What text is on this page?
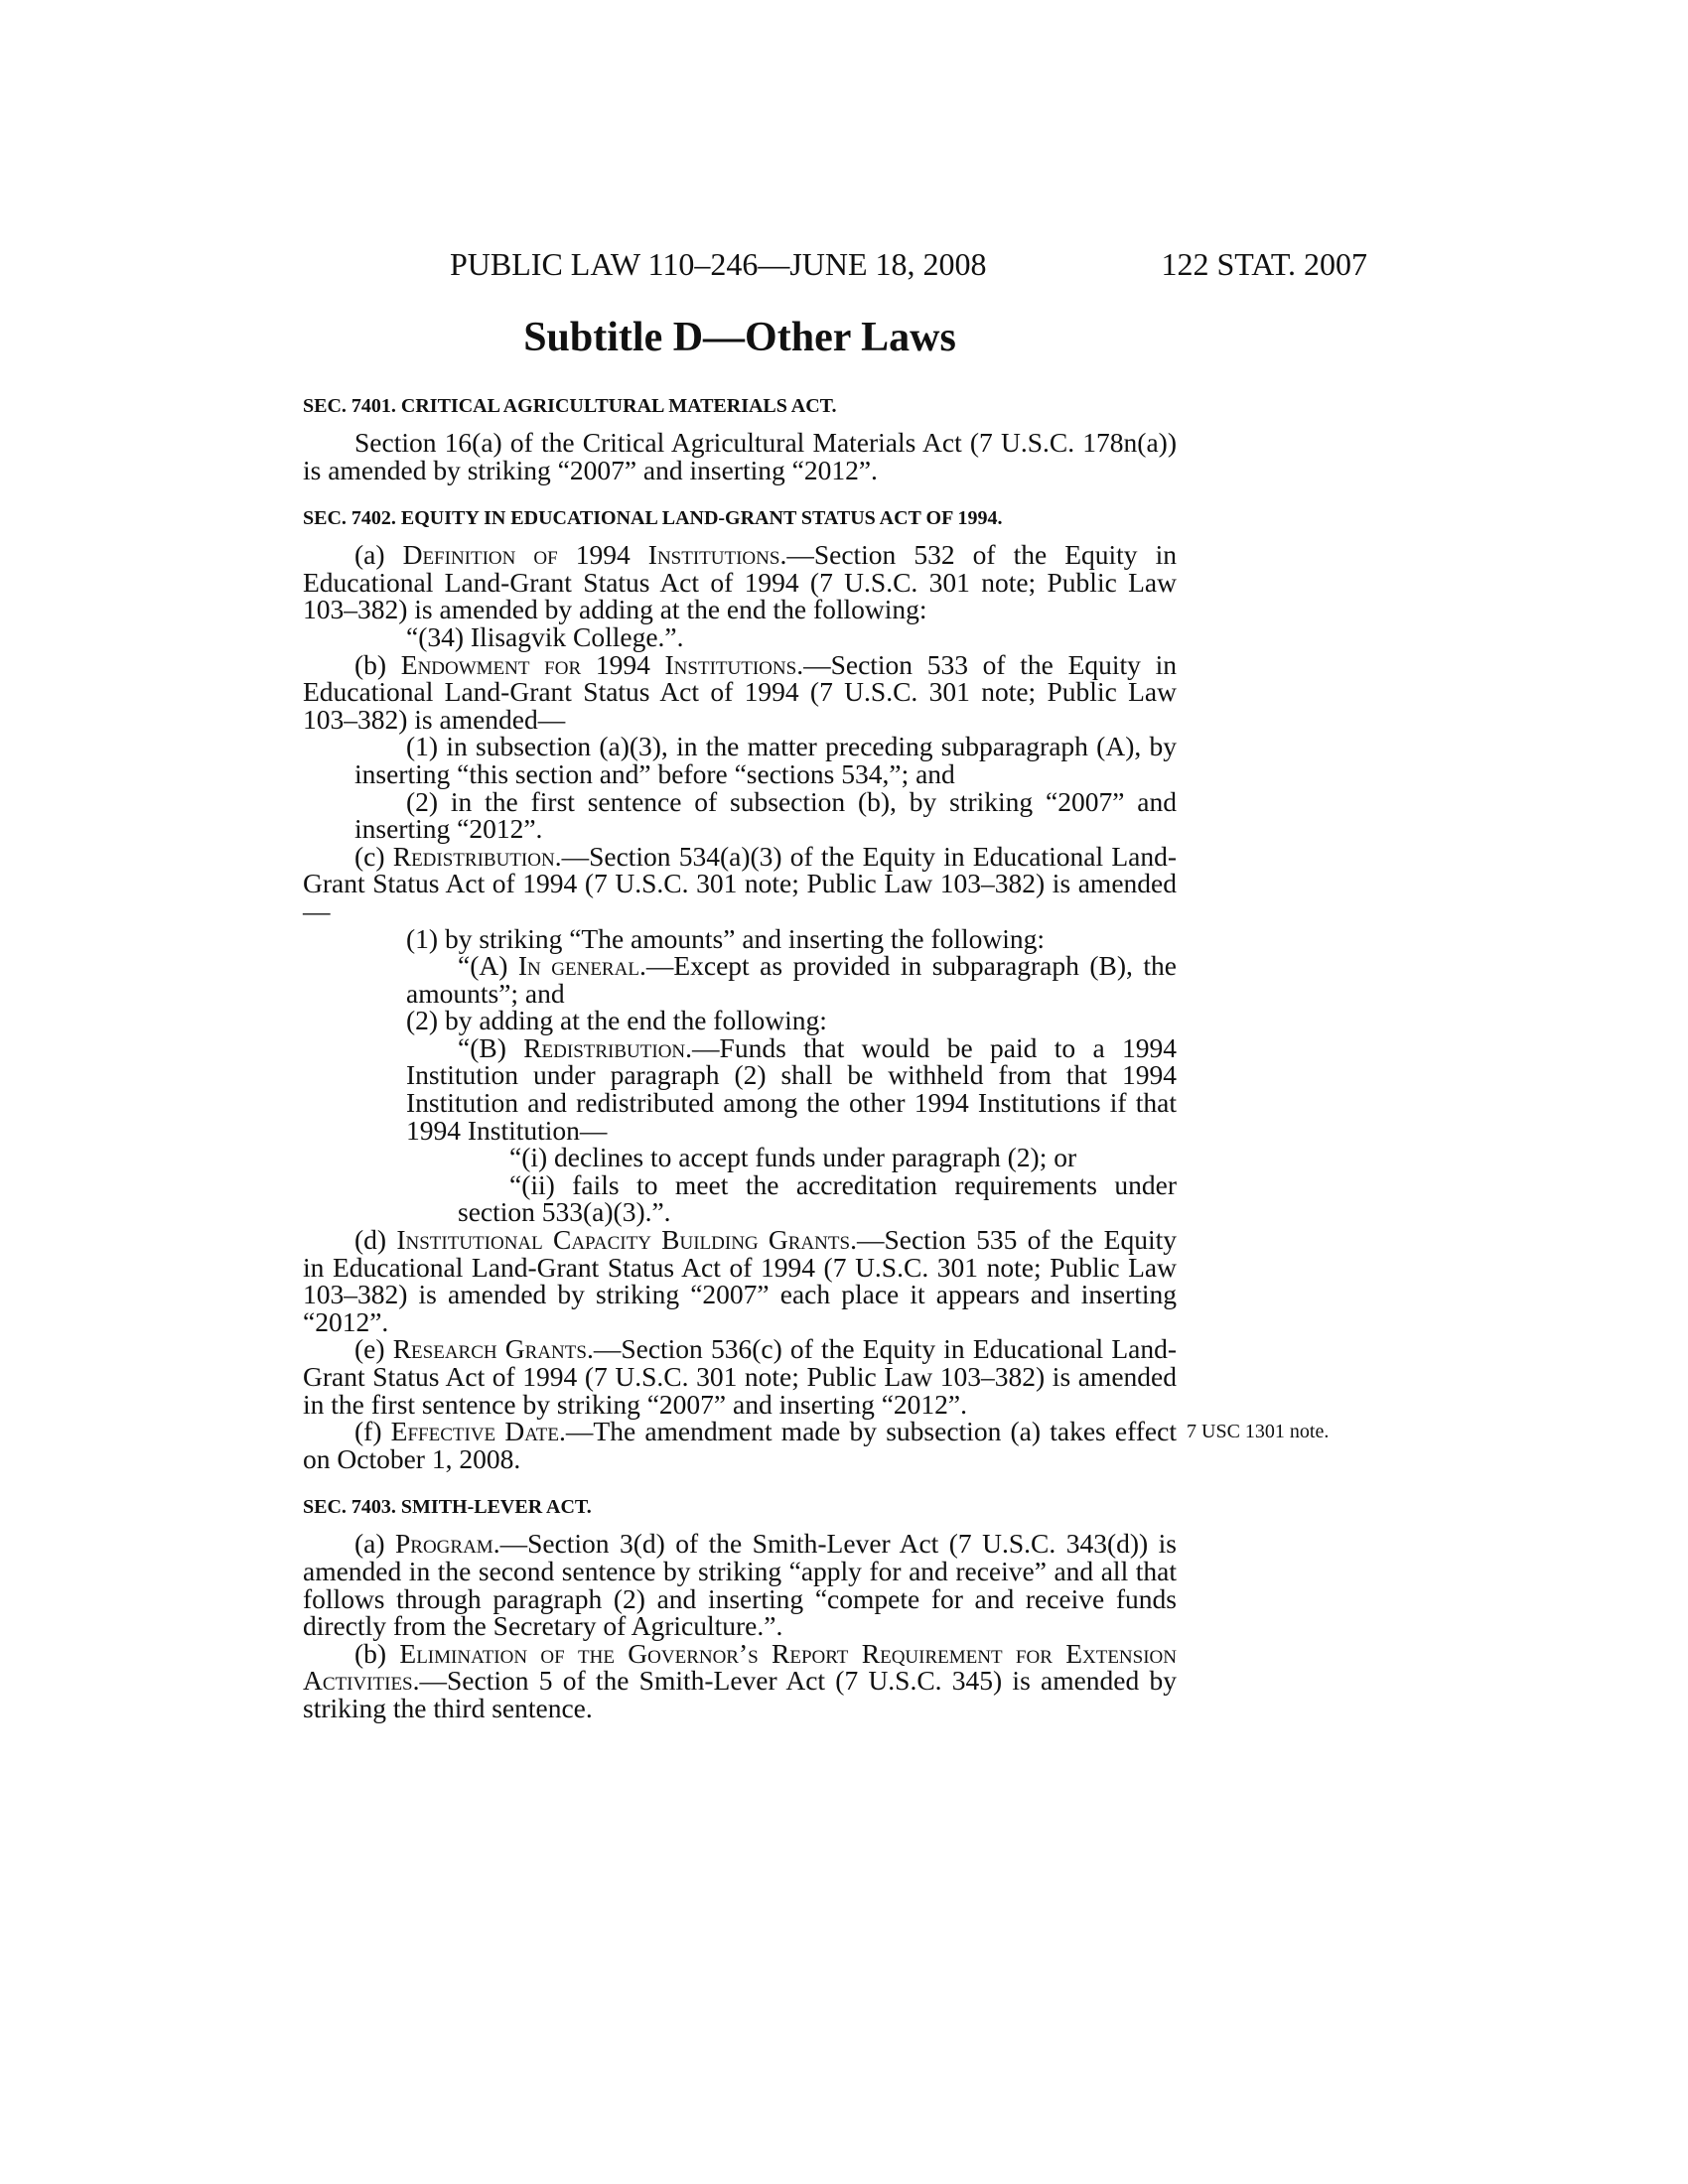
PUBLIC LAW 110–246—JUNE 18, 2008	122 STAT. 2007
Subtitle D—Other Laws
SEC. 7401. CRITICAL AGRICULTURAL MATERIALS ACT.

Section 16(a) of the Critical Agricultural Materials Act (7 U.S.C. 178n(a)) is amended by striking “2007” and inserting “2012”.

SEC. 7402. EQUITY IN EDUCATIONAL LAND-GRANT STATUS ACT OF 1994.

(a) Definition of 1994 Institutions.—Section 532 of the Equity in Educational Land-Grant Status Act of 1994 (7 U.S.C. 301 note; Public Law 103–382) is amended by adding at the end the following:

“(34) Ilisagvik College.”.

(b) Endowment for 1994 Institutions.—Section 533 of the Equity in Educational Land-Grant Status Act of 1994 (7 U.S.C. 301 note; Public Law 103–382) is amended—

(1) in subsection (a)(3), in the matter preceding subparagraph (A), by inserting “this section and” before “sections 534,”; and

(2) in the first sentence of subsection (b), by striking “2007” and inserting “2012”.

(c) Redistribution.—Section 534(a)(3) of the Equity in Educational Land-Grant Status Act of 1994 (7 U.S.C. 301 note; Public Law 103–382) is amended—

(1) by striking “The amounts” and inserting the following:

“(A) In general.—Except as provided in subparagraph (B), the amounts”; and

(2) by adding at the end the following:

“(B) Redistribution.—Funds that would be paid to a 1994 Institution under paragraph (2) shall be withheld from that 1994 Institution and redistributed among the other 1994 Institutions if that 1994 Institution—

“(i) declines to accept funds under paragraph (2); or

“(ii) fails to meet the accreditation requirements under section 533(a)(3).”.

(d) Institutional Capacity Building Grants.—Section 535 of the Equity in Educational Land-Grant Status Act of 1994 (7 U.S.C. 301 note; Public Law 103–382) is amended by striking “2007” each place it appears and inserting “2012”.

(e) Research Grants.—Section 536(c) of the Equity in Educational Land-Grant Status Act of 1994 (7 U.S.C. 301 note; Public Law 103–382) is amended in the first sentence by striking “2007” and inserting “2012”.

(f) Effective Date.—The amendment made by subsection (a) takes effect on October 1, 2008.
7 USC 1301 note.

SEC. 7403. SMITH-LEVER ACT.

(a) Program.—Section 3(d) of the Smith-Lever Act (7 U.S.C. 343(d)) is amended in the second sentence by striking “apply for and receive” and all that follows through paragraph (2) and inserting “compete for and receive funds directly from the Secretary of Agriculture.”.

(b) Elimination of the Governor’s Report Requirement for Extension Activities.—Section 5 of the Smith-Lever Act (7 U.S.C. 345) is amended by striking the third sentence.
